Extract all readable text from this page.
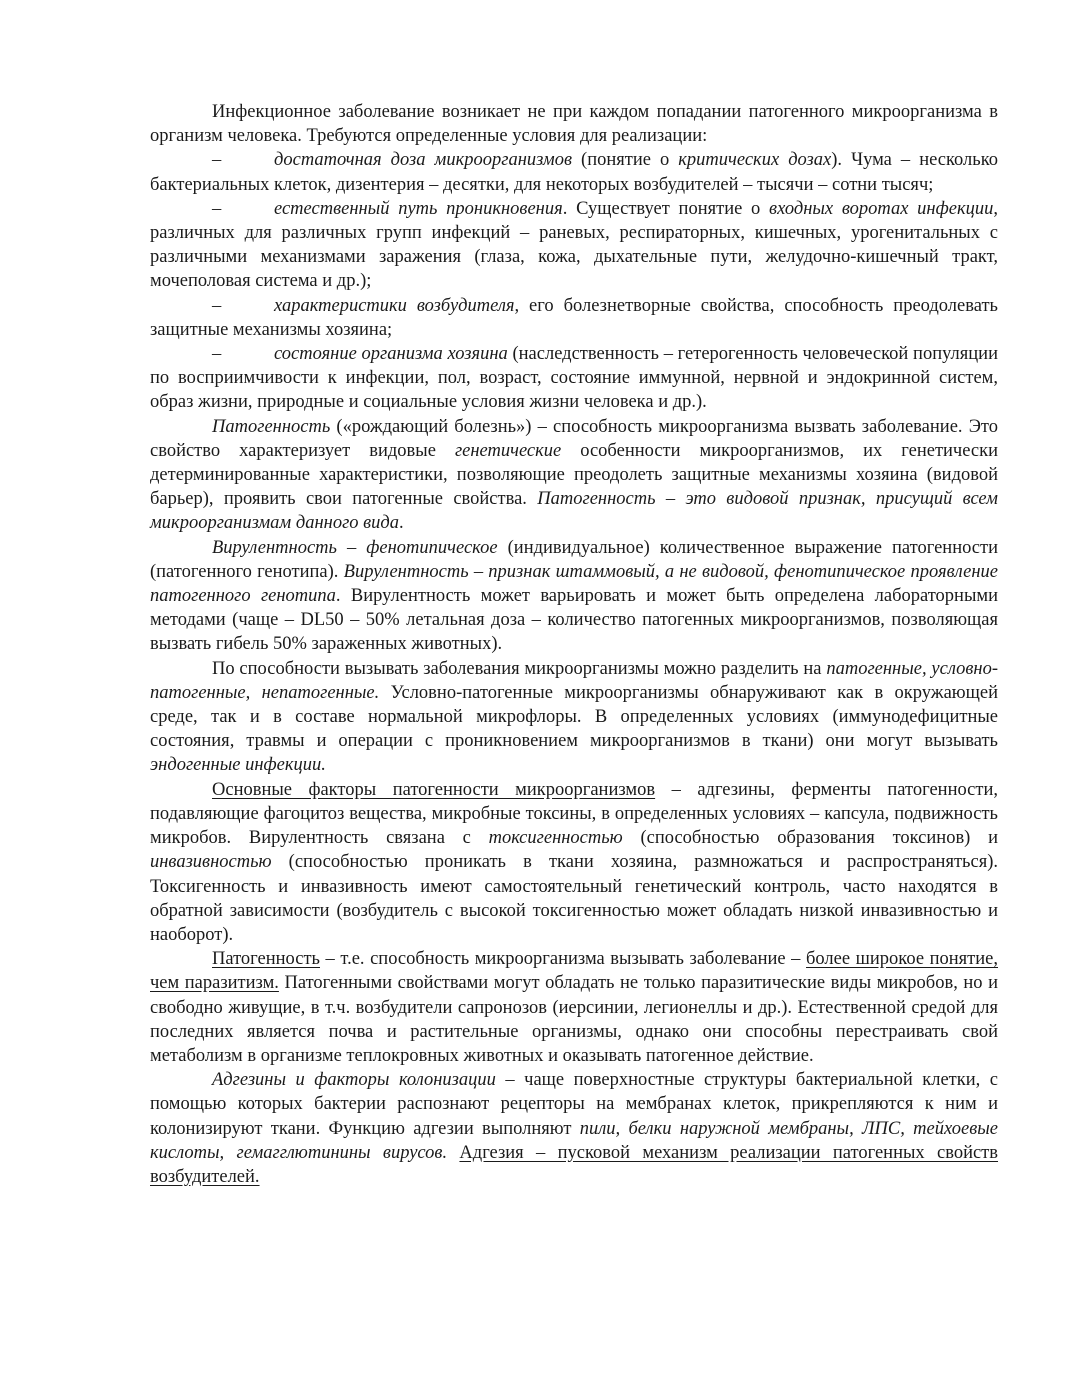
Инфекционное заболевание возникает не при каждом попадании патогенного микроорганизма в организм человека. Требуются определенные условия для реализации:

–	достаточная доза микроорганизмов (понятие о критических дозах). Чума – несколько бактериальных клеток, дизентерия – десятки, для некоторых возбудителей – тысячи – сотни тысяч;

–	естественный путь проникновения. Существует понятие о входных воротах инфекции, различных для различных групп инфекций – раневых, респираторных, кишечных, урогенитальных с различными механизмами заражения (глаза, кожа, дыхательные пути, желудочно-кишечный тракт, мочеполовая система и др.);

–	характеристики возбудителя, его болезнетворные свойства, способность преодолевать защитные механизмы хозяина;

–	состояние организма хозяина (наследственность – гетерогенность человеческой популяции по восприимчивости к инфекции, пол, возраст, состояние иммунной, нервной и эндокринной систем, образ жизни, природные и социальные условия жизни человека и др.).

Патогенность («рождающий болезнь») – способность микроорганизма вызвать заболевание. Это свойство характеризует видовые генетические особенности микроорганизмов, их генетически детерминированные характеристики, позволяющие преодолеть защитные механизмы хозяина (видовой барьер), проявить свои патогенные свойства. Патогенность – это видовой признак, присущий всем микроорганизмам данного вида.

Вирулентность – фенотипическое (индивидуальное) количественное выражение патогенности (патогенного генотипа). Вирулентность – признак штаммовый, а не видовой, фенотипическое проявление патогенного генотипа. Вирулентность может варьировать и может быть определена лабораторными методами (чаще – DL50 – 50% летальная доза – количество патогенных микроорганизмов, позволяющая вызвать гибель 50% зараженных животных).

По способности вызывать заболевания микроорганизмы можно разделить на патогенные, условно-патогенные, непатогенные. Условно-патогенные микроорганизмы обнаруживают как в окружающей среде, так и в составе нормальной микрофлоры. В определенных условиях (иммунодефицитные состояния, травмы и операции с проникновением микроорганизмов в ткани) они могут вызывать эндогенные инфекции.

Основные факторы патогенности микроорганизмов – адгезины, ферменты патогенности, подавляющие фагоцитоз вещества, микробные токсины, в определенных условиях – капсула, подвижность микробов. Вирулентность связана с токсигенностью (способностью образования токсинов) и инвазивностью (способностью проникать в ткани хозяина, размножаться и распространяться). Токсигенность и инвазивность имеют самостоятельный генетический контроль, часто находятся в обратной зависимости (возбудитель с высокой токсигенностью может обладать низкой инвазивностью и наоборот).

Патогенность – т.е. способность микроорганизма вызывать заболевание – более широкое понятие, чем паразитизм. Патогенными свойствами могут обладать не только паразитические виды микробов, но и свободно живущие, в т.ч. возбудители сапронозов (иерсинии, легионеллы и др.). Естественной средой для последних является почва и растительные организмы, однако они способны перестраивать свой метаболизм в организме теплокровных животных и оказывать патогенное действие.

Адгезины и факторы колонизации – чаще поверхностные структуры бактериальной клетки, с помощью которых бактерии распознают рецепторы на мембранах клеток, прикрепляются к ним и колонизируют ткани. Функцию адгезии выполняют пили, белки наружной мембраны, ЛПС, тейхоевые кислоты, гемагглютинины вирусов. Адгезия – пусковой механизм реализации патогенных свойств возбудителей.
